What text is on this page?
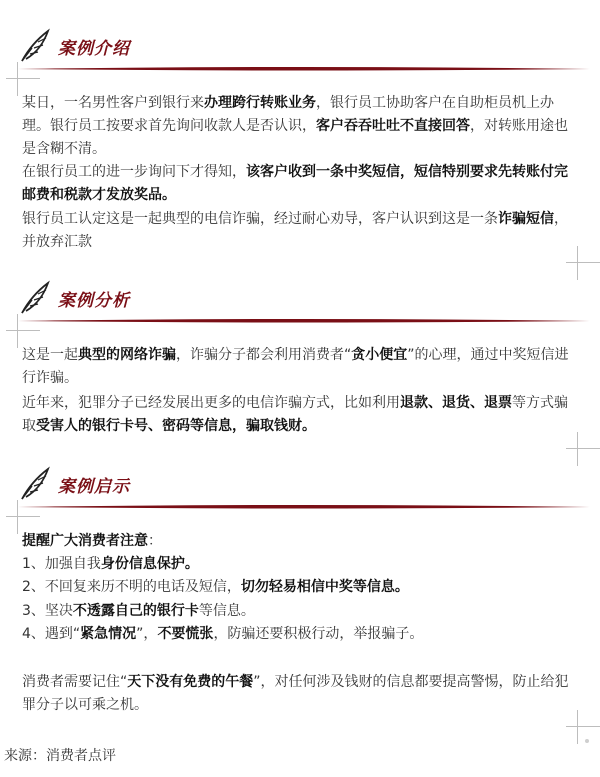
案例介绍

某日，一名男性客户到银行来办理跨行转账业务，银行员工协助客户在自助柜员机上办理。银行员工按要求首先询问收款人是否认识，客户吞吞吐吐不直接回答，对转账用途也是含糊不清。

在银行员工的进一步询问下才得知，该客户收到一条中奖短信，短信特别要求先转账付完邮费和税款才发放奖品。

银行员工认定这是一起典型的电信诈骗，经过耐心劝导，客户认识到这是一条诈骗短信，并放弃汇款

案例分析

这是一起典型的网络诈骗，诈骗分子都会利用消费者“贪小便宜”的心理，通过中奖短信进行诈骗。

近年来，犯罪分子已经发展出更多的电信诈骗方式，比如利用退款、退货、退票等方式骗取受害人的银行卡号、密码等信息，骗取钱财。

案例启示

提醒广大消费者注意：

1、加强自我身份信息保护。

2、不回复来历不明的电话及短信，切勿轻易相信中奖等信息。

3、坚决不透露自己的银行卡等信息。

4、遇到“紧急情况”，不要慌张，防骗还要积极行动，举报骗子。

消费者需要记住“天下没有免费的午餐”，对任何涉及钱财的信息都要提高警惕，防止给犯罪分子以可乘之机。

来源：消费者点评
